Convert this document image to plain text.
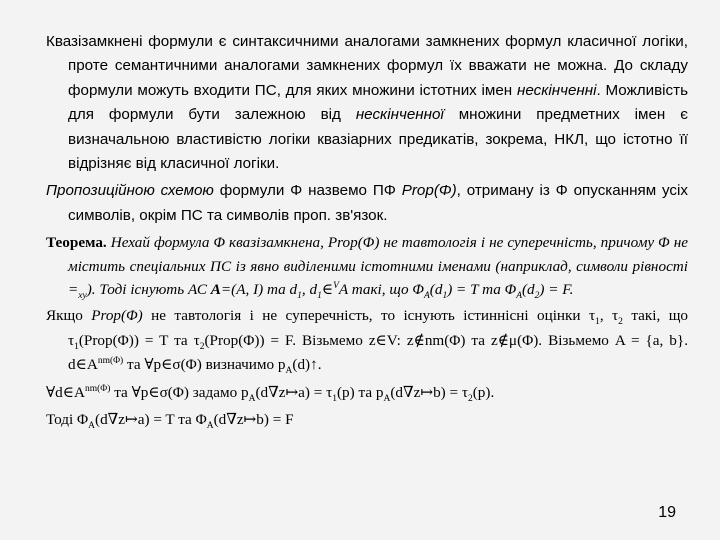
Квазізамкнені формули є синтаксичними аналогами замкнених формул класичної логіки, проте семантичними аналогами замкнених формул їх вважати не можна. До складу формули можуть входити ПС, для яких множини істотних імен нескінченні. Можливість для формули бути залежною від нескінченної множини предметних імен є визначальною властивістю логіки квазіарних предикатів, зокрема, НКЛ, що істотно її відрізняє від класичної логіки.

Пропозиційною схемою формули Φ назвемо ПΦ Prop(Φ), отриману із Φ опусканням усіх символів, окрім ПС та символів проп. зв'язок.

Теорема. Нехай формула Φ квазізамкнена, Prop(Φ) не тавтологія і не суперечність, причому Φ не містить спеціальних ПС із явно виділеними істотними іменами (наприклад, символи рівності $=_{xy}$). Тоді існують АС A=(A, I) та $d_1$, $d_1\in^VA$ такі, що $\Phi_A(d_1) = T$ та $\Phi_A(d_2) = F$.

Якщо Prop(Φ) не тавтологія і не суперечність, то існують істиннісні оцінки $\tau_1$, $\tau_2$ такі, що $\tau_1(Prop(\Phi)) = T$ та $\tau_2(Prop(\Phi)) = F$. Візьмемо z∈V: z∉nm(Φ) та z∉μ(Φ). Візьмемо A = {a, b}. $d\in A^{nm(\Phi)}$ та ∀p∈σ(Φ) визначимо $p_A(d)↑$.

$\forall d\in A^{nm(\Phi)}$ та ∀p∈σ(Φ) задамо $p_A(d\nabla z↦a) = \tau_1(p)$ та $p_A(d\nabla z↦b) = \tau_2(p)$.

Тоді $\Phi_A(d\nabla z↦a) = T$ та $\Phi_A(d\nabla z↦b) = F$

19
